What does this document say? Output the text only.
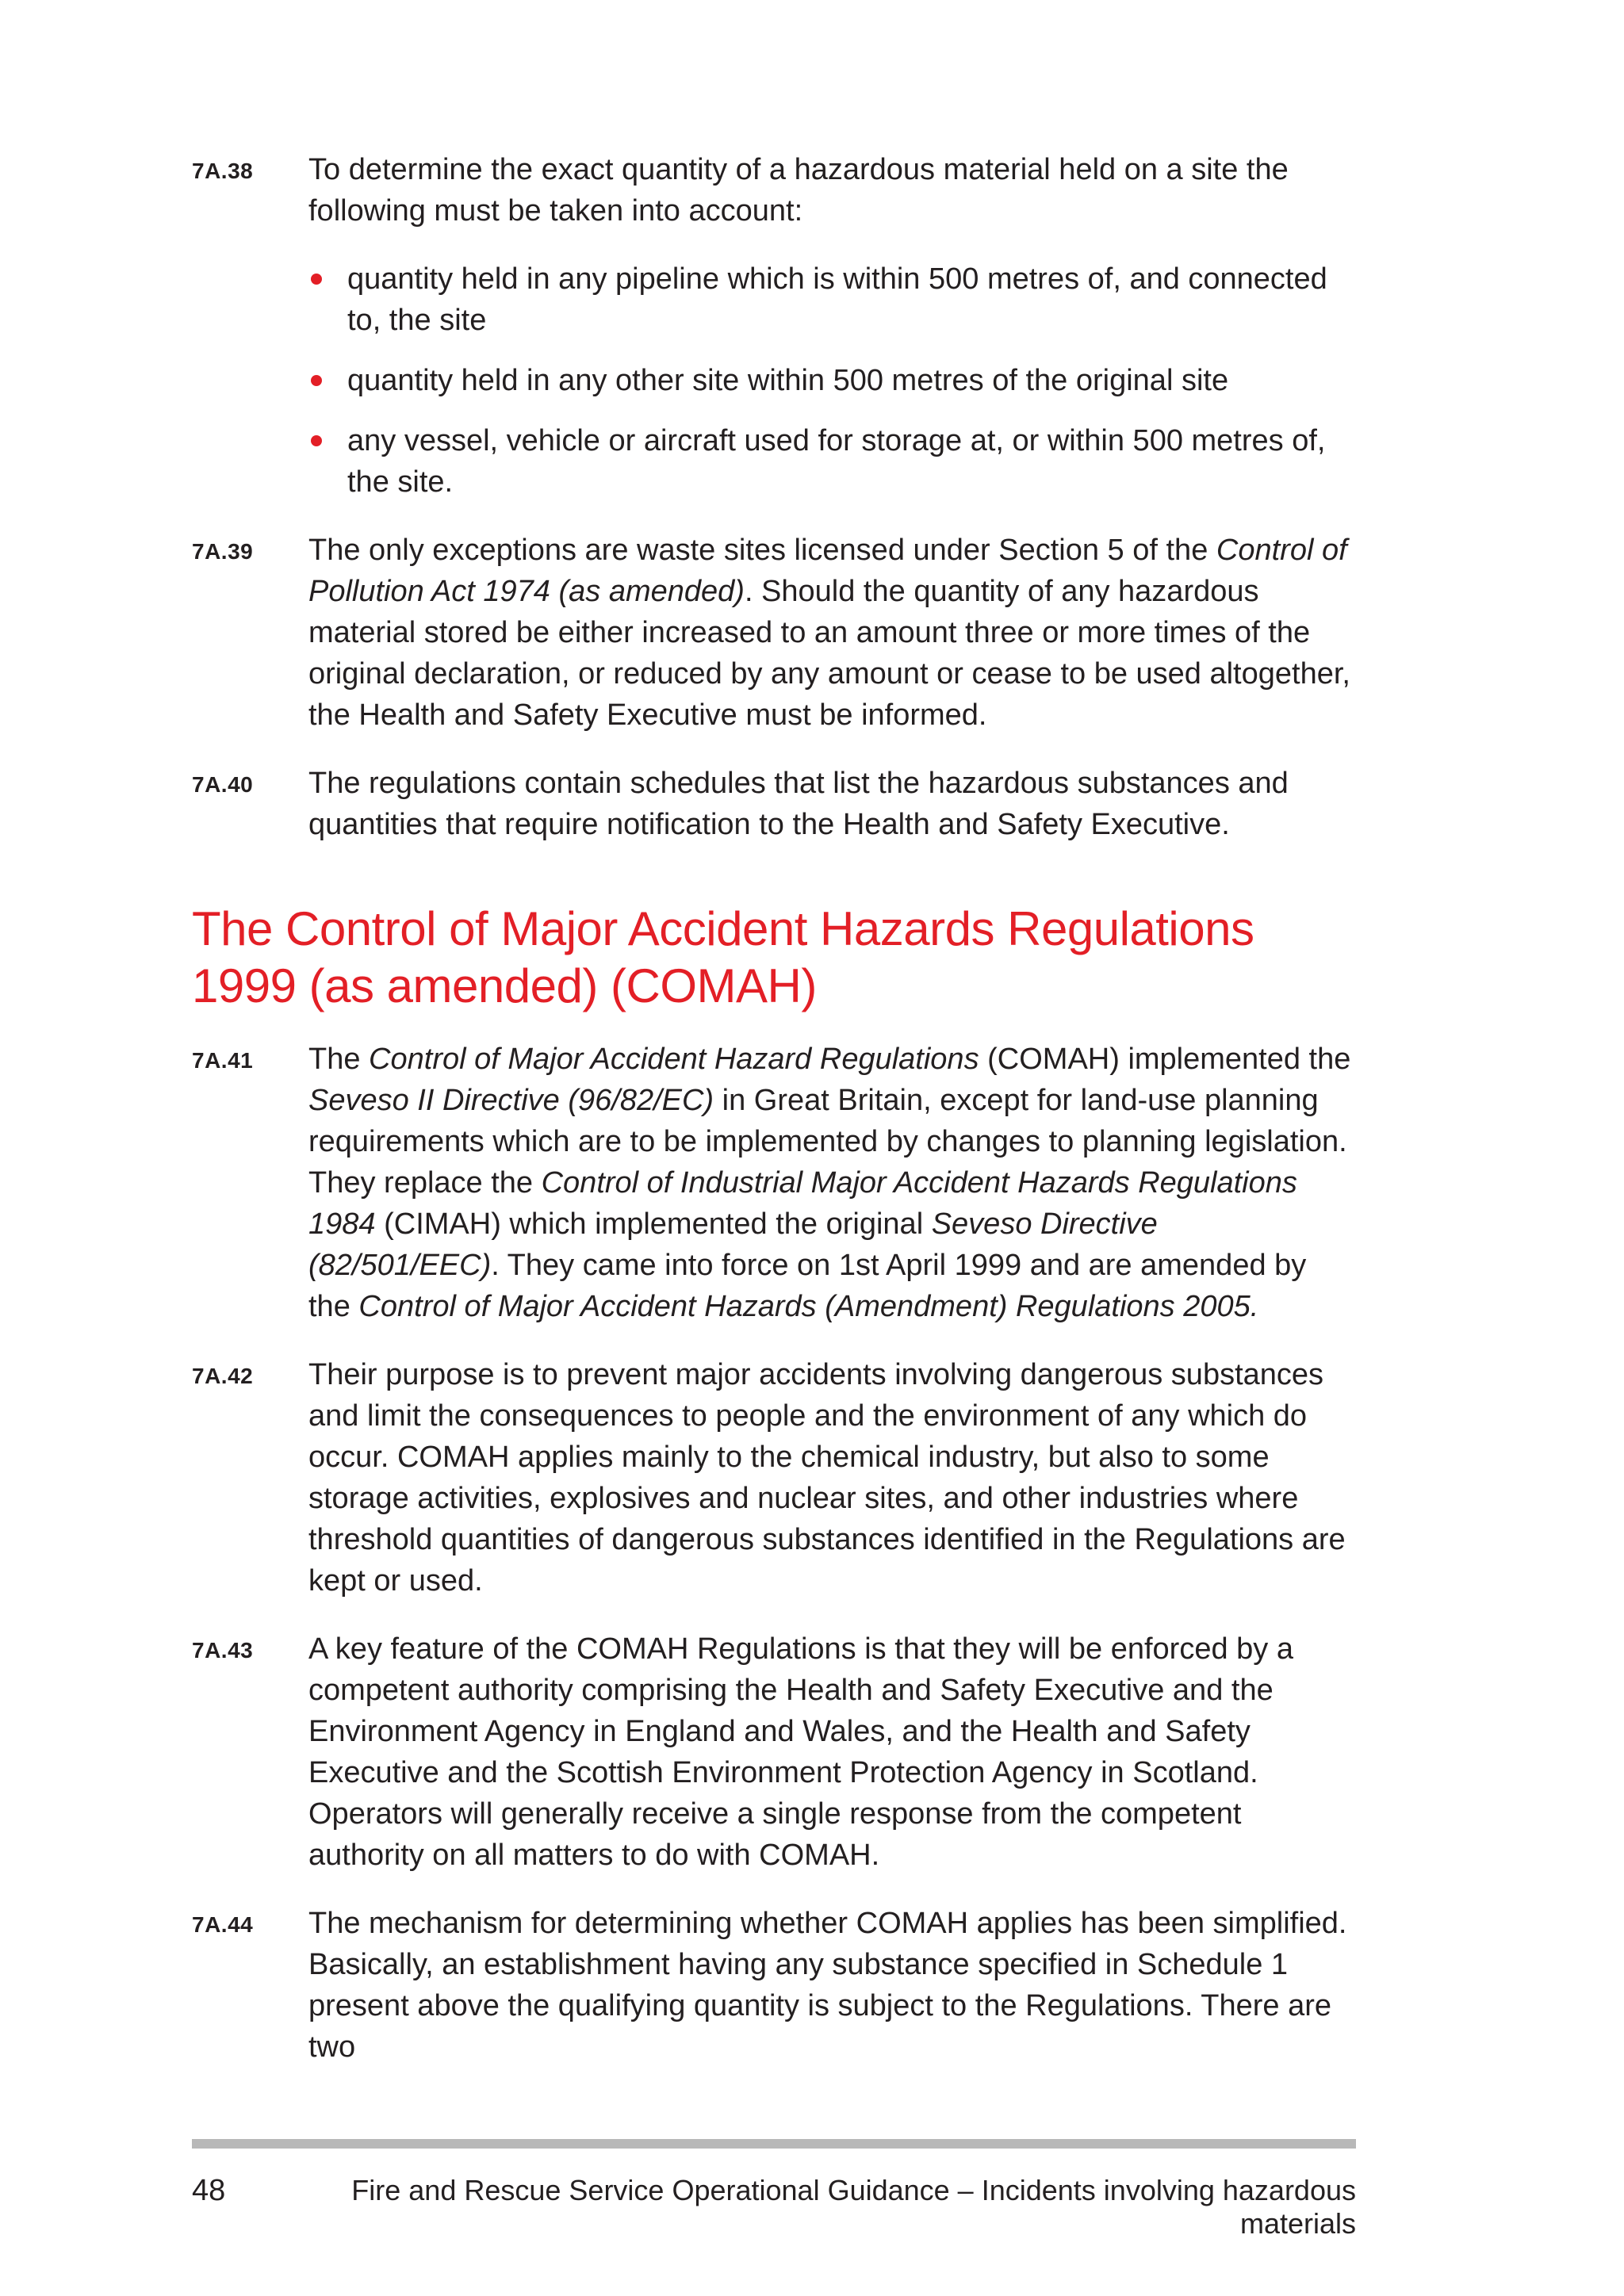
7A.38	To determine the exact quantity of a hazardous material held on a site the following must be taken into account:
quantity held in any pipeline which is within 500 metres of, and connected to, the site
quantity held in any other site within 500 metres of the original site
any vessel, vehicle or aircraft used for storage at, or within 500 metres of, the site.
7A.39	The only exceptions are waste sites licensed under Section 5 of the Control of Pollution Act 1974 (as amended). Should the quantity of any hazardous material stored be either increased to an amount three or more times of the original declaration, or reduced by any amount or cease to be used altogether, the Health and Safety Executive must be informed.
7A.40	The regulations contain schedules that list the hazardous substances and quantities that require notification to the Health and Safety Executive.
The Control of Major Accident Hazards Regulations 1999 (as amended) (COMAH)
7A.41	The Control of Major Accident Hazard Regulations (COMAH) implemented the Seveso II Directive (96/82/EC) in Great Britain, except for land-use planning requirements which are to be implemented by changes to planning legislation. They replace the Control of Industrial Major Accident Hazards Regulations 1984 (CIMAH) which implemented the original Seveso Directive (82/501/EEC). They came into force on 1st April 1999 and are amended by the Control of Major Accident Hazards (Amendment) Regulations 2005.
7A.42	Their purpose is to prevent major accidents involving dangerous substances and limit the consequences to people and the environment of any which do occur. COMAH applies mainly to the chemical industry, but also to some storage activities, explosives and nuclear sites, and other industries where threshold quantities of dangerous substances identified in the Regulations are kept or used.
7A.43	A key feature of the COMAH Regulations is that they will be enforced by a competent authority comprising the Health and Safety Executive and the Environment Agency in England and Wales, and the Health and Safety Executive and the Scottish Environment Protection Agency in Scotland. Operators will generally receive a single response from the competent authority on all matters to do with COMAH.
7A.44	The mechanism for determining whether COMAH applies has been simplified. Basically, an establishment having any substance specified in Schedule 1 present above the qualifying quantity is subject to the Regulations. There are two
48	Fire and Rescue Service Operational Guidance – Incidents involving hazardous materials
